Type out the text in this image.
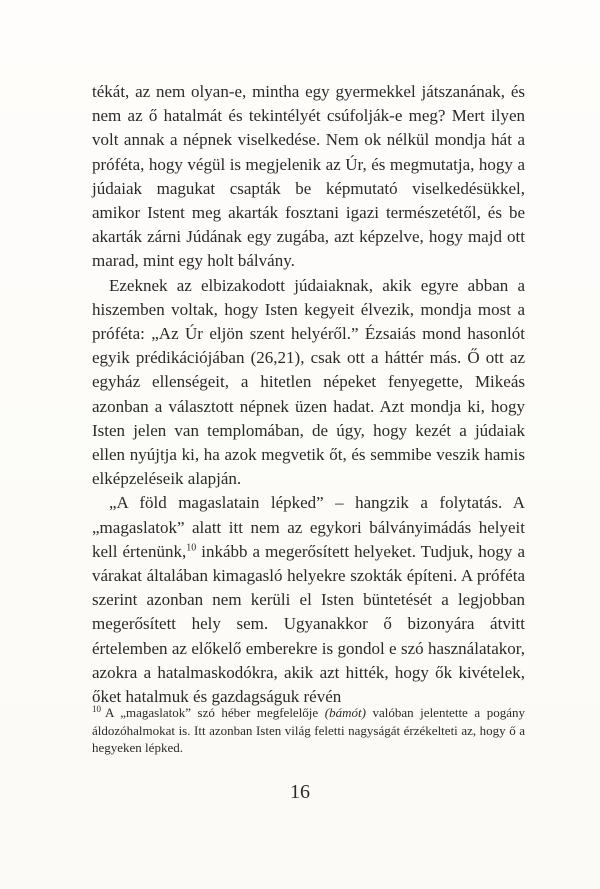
tékát, az nem olyan-e, mintha egy gyermekkel játszanának, és nem az ő hatalmát és tekintélyét csúfolják-e meg? Mert ilyen volt annak a népnek viselkedése. Nem ok nélkül mondja hát a próféta, hogy végül is megjelenik az Úr, és megmutatja, hogy a júdaiak magukat csapták be képmutató viselkedésükkel, amikor Istent meg akarták fosztani igazi természetétől, és be akarták zárni Júdának egy zugába, azt képzelve, hogy majd ott marad, mint egy holt bálvány.

Ezeknek az elbizakodott júdaiaknak, akik egyre abban a hiszemben voltak, hogy Isten kegyeit élvezik, mondja most a próféta: „Az Úr eljön szent helyéről.” Ézsaiás mond hasonlót egyik prédikációjában (26,21), csak ott a háttér más. Ő ott az egyház ellenségeit, a hitetlen népeket fenyegette, Mikeás azonban a választott népnek üzen hadat. Azt mondja ki, hogy Isten jelen van templomában, de úgy, hogy kezét a júdaiak ellen nyújtja ki, ha azok megvetik őt, és semmibe veszik hamis elképzeléseik alapján.

„A föld magaslatain lépked” – hangzik a folytatás. A „magaslatok” alatt itt nem az egykori bálványimádás helyeit kell értenünk,$^{10}$ inkább a megerősített helyeket. Tudjuk, hogy a várakat általában kimagasló helyekre szokták építeni. A próféta szerint azonban nem kerüli el Isten büntetését a legjobban megerősített hely sem. Ugyanakkor ő bizonyára átvitt értelemben az előkelő emberekre is gondol e szó használatakor, azokra a hatalmaskodókra, akik azt hitték, hogy ők kivételek, őket hatalmuk és gazdagságuk révén

$^{10}$ A „magaslatok” szó héber megfelelője (bámót) valóban jelentette a pogány áldozóhalmokat is. Itt azonban Isten világ feletti nagyságát érzékelteti az, hogy ő a hegyeken lépked.
16
